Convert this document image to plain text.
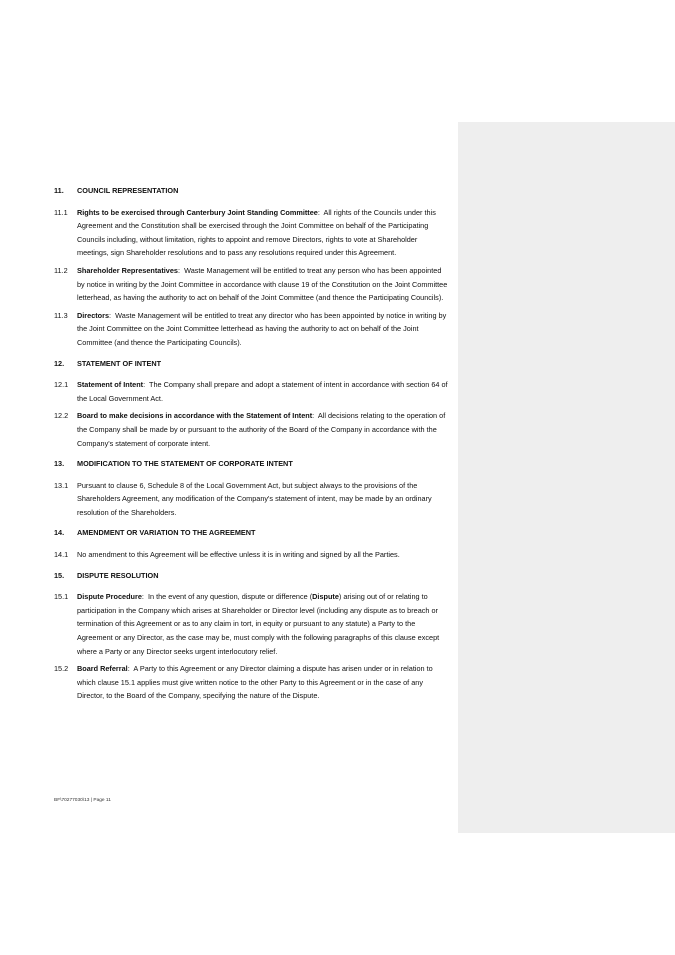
11.	COUNCIL REPRESENTATION
11.1	Rights to be exercised through Canterbury Joint Standing Committee:  All rights of the Councils under this Agreement and the Constitution shall be exercised through the Joint Committee on behalf of the Participating Councils including, without limitation, rights to appoint and remove Directors, rights to vote at Shareholder meetings, sign Shareholder resolutions and to pass any resolutions required under this Agreement.
11.2	Shareholder Representatives:  Waste Management will be entitled to treat any person who has been appointed by notice in writing by the Joint Committee in accordance with clause 19 of the Constitution on the Joint Committee letterhead, as having the authority to act on behalf of the Joint Committee (and thence the Participating Councils).
11.3	Directors:  Waste Management will be entitled to treat any director who has been appointed by notice in writing by the Joint Committee on the Joint Committee letterhead as having the authority to act on behalf of the Joint Committee (and thence the Participating Councils).
12.	STATEMENT OF INTENT
12.1	Statement of Intent:  The Company shall prepare and adopt a statement of intent in accordance with section 64 of the Local Government Act.
12.2	Board to make decisions in accordance with the Statement of Intent:  All decisions relating to the operation of the Company shall be made by or pursuant to the authority of the Board of the Company in accordance with the Company's statement of corporate intent.
13.	MODIFICATION TO THE STATEMENT OF CORPORATE INTENT
13.1	Pursuant to clause 6, Schedule 8 of the Local Government Act, but subject always to the provisions of the Shareholders Agreement, any modification of the Company's statement of intent, may be made by an ordinary resolution of the Shareholders.
14.	AMENDMENT OR VARIATION TO THE AGREEMENT
14.1	No amendment to this Agreement will be effective unless it is in writing and signed by all the Parties.
15.	DISPUTE RESOLUTION
15.1	Dispute Procedure:  In the event of any question, dispute or difference (Dispute) arising out of or relating to participation in the Company which arises at Shareholder or Director level (including any dispute as to breach or termination of this Agreement or as to any claim in tort, in equity or pursuant to any statute) a Party to the Agreement or any Director, as the case may be, must comply with the following paragraphs of this clause except where a Party or any Director seeks urgent interlocutory relief.
15.2	Board Referral:  A Party to this Agreement or any Director claiming a dispute has arisen under or in relation to which clause 15.1 applies must give written notice to the other Party to this Agreement or in the case of any Director, to the Board of the Company, specifying the nature of the Dispute.
BF\70277030\13 | Page 11
